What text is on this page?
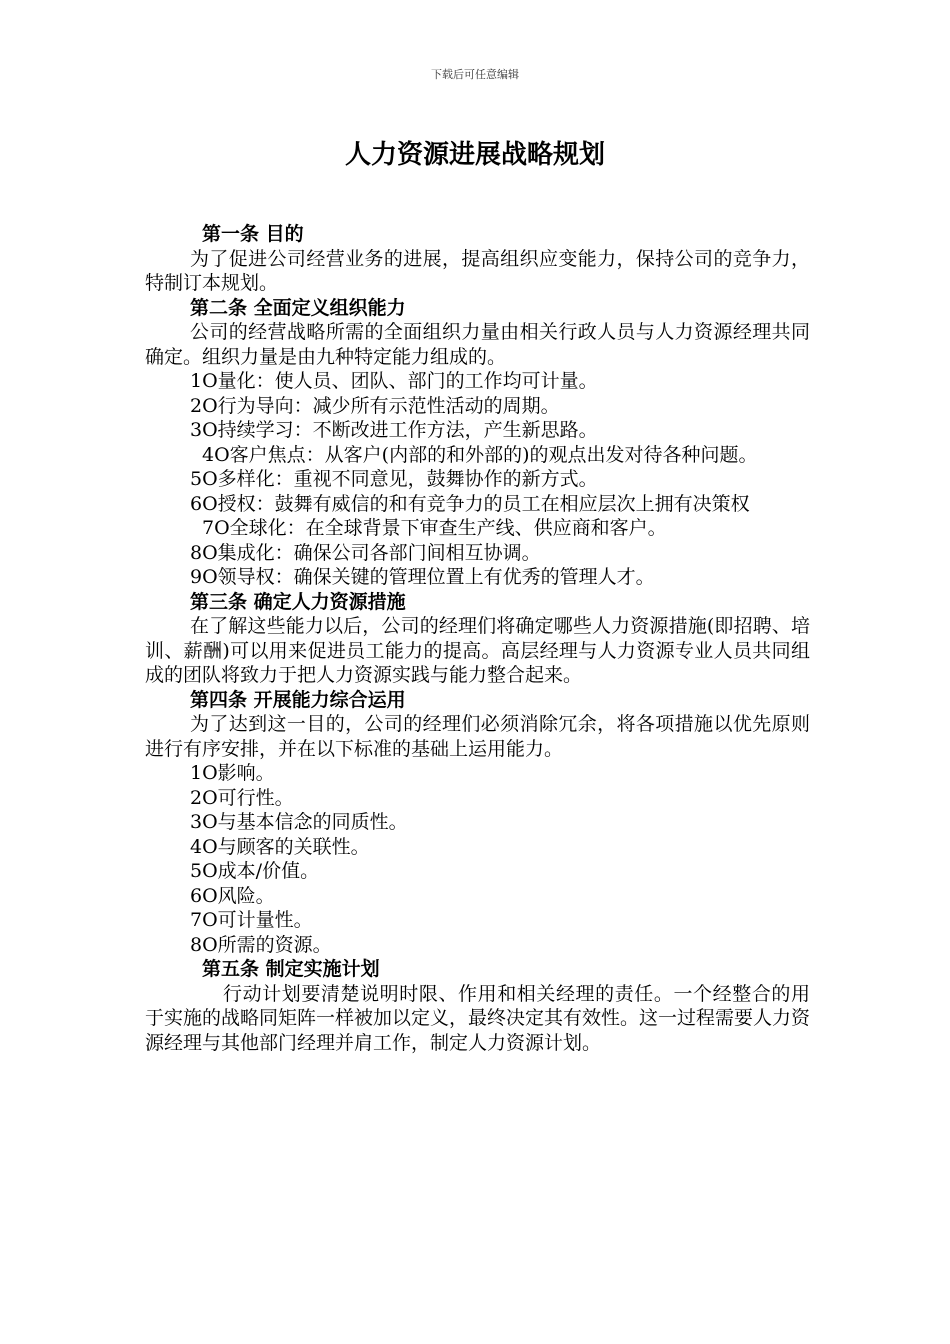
下载后可任意编辑
人力资源进展战略规划

第一条 目的

为了促进公司经营业务的进展，提高组织应变能力，保持公司的竞争力，特制订本规划。

第二条 全面定义组织能力

公司的经营战略所需的全面组织力量由相关行政人员与人力资源经理共同确定。组织力量是由九种特定能力组成的。

1O量化：使人员、团队、部门的工作均可计量。

2O行为导向：减少所有示范性活动的周期。

3O持续学习：不断改进工作方法，产生新思路。

4O客户焦点：从客户(内部的和外部的)的观点出发对待各种问题。

5O多样化：重视不同意见，鼓舞协作的新方式。

6O授权：鼓舞有威信的和有竞争力的员工在相应层次上拥有决策权

7O全球化：在全球背景下审查生产线、供应商和客户。

8O集成化：确保公司各部门间相互协调。

9O领导权：确保关键的管理位置上有优秀的管理人才。

第三条 确定人力资源措施

在了解这些能力以后，公司的经理们将确定哪些人力资源措施(即招聘、培训、薪酬)可以用来促进员工能力的提高。高层经理与人力资源专业人员共同组成的团队将致力于把人力资源实践与能力整合起来。

第四条 开展能力综合运用

为了达到这一目的，公司的经理们必须消除冗余，将各项措施以优先原则进行有序安排，并在以下标准的基础上运用能力。

1O影响。

2O可行性。

3O与基本信念的同质性。

4O与顾客的关联性。

5O成本/价值。

6O风险。

7O可计量性。

8O所需的资源。

第五条 制定实施计划

行动计划要清楚说明时限、作用和相关经理的责任。一个经整合的用于实施的战略同矩阵一样被加以定义，最终决定其有效性。这一过程需要人力资源经理与其他部门经理并肩工作，制定人力资源计划。
